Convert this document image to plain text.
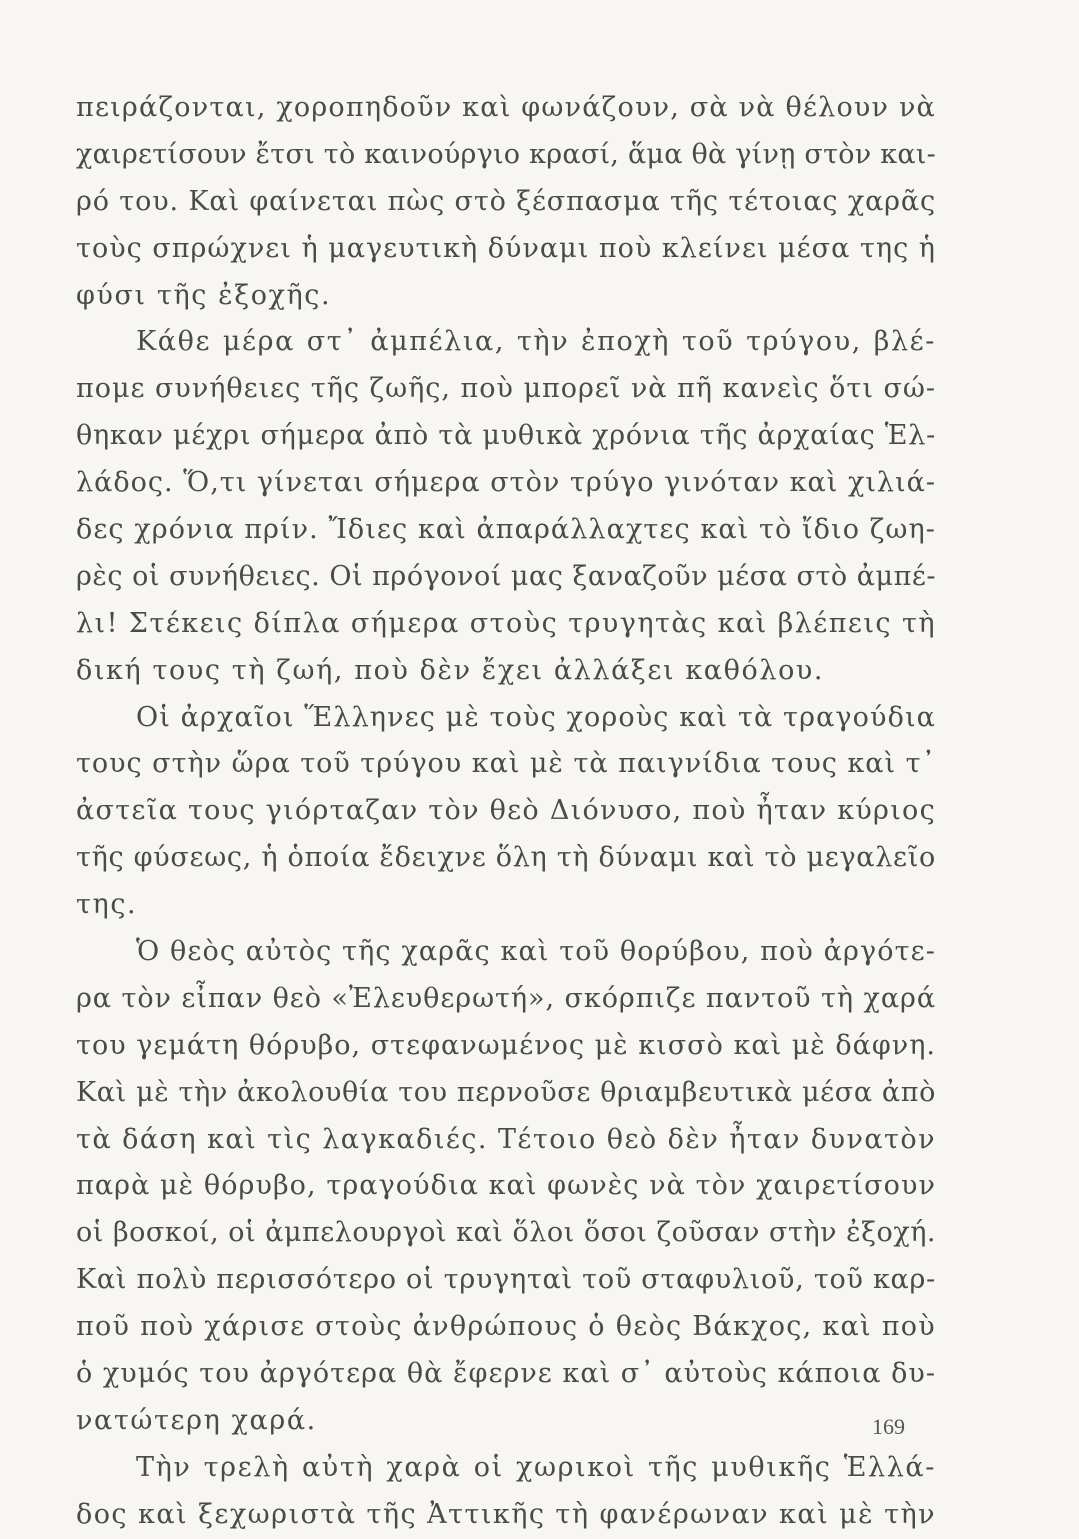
πειράζονται, χοροπηδοῦν καὶ φωνάζουν, σὰ νὰ θέλουν νὰ
χαιρετίσουν ἔτσι τὸ καινούργιο κρασί, ἅμα θὰ γίνῃ στὸν και-
ρό του. Καὶ φαίνεται πὼς στὸ ξέσπασμα τῆς τέτοιας χαρᾶς
τοὺς σπρώχνει ἡ μαγευτικὴ δύναμι ποὺ κλείνει μέσα της ἡ
φύσι τῆς ἐξοχῆς.
Κάθε μέρα στ᾽ ἀμπέλια, τὴν ἐποχὴ τοῦ τρύγου, βλέ-
πομε συνήθειες τῆς ζωῆς, ποὺ μπορεῖ νὰ πῆ κανεὶς ὅτι σώ-
θηκαν μέχρι σήμερα ἀπὸ τὰ μυθικὰ χρόνια τῆς ἀρχαίας Ἑλ-
λάδος. Ὅ,τι γίνεται σήμερα στὸν τρύγο γινόταν καὶ χιλιά-
δες χρόνια πρίν. Ἴδιες καὶ ἀπαράλλαχτες καὶ τὸ ἴδιο ζωη-
ρὲς οἱ συνήθειες. Οἱ πρόγονοί μας ξαναζοῦν μέσα στὸ ἀμπέ-
λι! Στέκεις δίπλα σήμερα στοὺς τρυγητὰς καὶ βλέπεις τὴ
δική τους τὴ ζωή, ποὺ δὲν ἔχει ἀλλάξει καθόλου.
Οἱ ἀρχαῖοι Ἕλληνες μὲ τοὺς χοροὺς καὶ τὰ τραγούδια
τους στὴν ὥρα τοῦ τρύγου καὶ μὲ τὰ παιγνίδια τους καὶ τ᾽
ἀστεῖα τους γιόρταζαν τὸν θεὸ Διόνυσο, ποὺ ἦταν κύριος
τῆς φύσεως, ἡ ὁποία ἔδειχνε ὅλη τὴ δύναμι καὶ τὸ μεγαλεῖο
της.
Ὁ θεὸς αὐτὸς τῆς χαρᾶς καὶ τοῦ θορύβου, ποὺ ἀργότε-
ρα τὸν εἶπαν θεὸ «Ἐλευθερωτή», σκόρπιζε παντοῦ τὴ χαρά
του γεμάτη θόρυβο, στεφανωμένος μὲ κισσὸ καὶ μὲ δάφνη.
Καὶ μὲ τὴν ἀκολουθία του περνοῦσε θριαμβευτικὰ μέσα ἀπὸ
τὰ δάση καὶ τὶς λαγκαδιές. Τέτοιο θεὸ δὲν ἦταν δυνατὸν
παρὰ μὲ θόρυβο, τραγούδια καὶ φωνὲς νὰ τὸν χαιρετίσουν
οἱ βοσκοί, οἱ ἀμπελουργοὶ καὶ ὅλοι ὅσοι ζοῦσαν στὴν ἐξοχή.
Καὶ πολὺ περισσότερο οἱ τρυγηταὶ τοῦ σταφυλιοῦ, τοῦ καρ-
ποῦ ποὺ χάρισε στοὺς ἀνθρώπους ὁ θεὸς Βάκχος, καὶ ποὺ
ὁ χυμός του ἀργότερα θὰ ἔφερνε καὶ σ᾽ αὐτοὺς κάποια δυ-
νατώτερη χαρά.
Τὴν τρελὴ αὐτὴ χαρὰ οἱ χωρικοὶ τῆς μυθικῆς Ἑλλά-
δος καὶ ξεχωριστὰ τῆς Ἀττικῆς τὴ φανέρωναν καὶ μὲ τὴν
169
